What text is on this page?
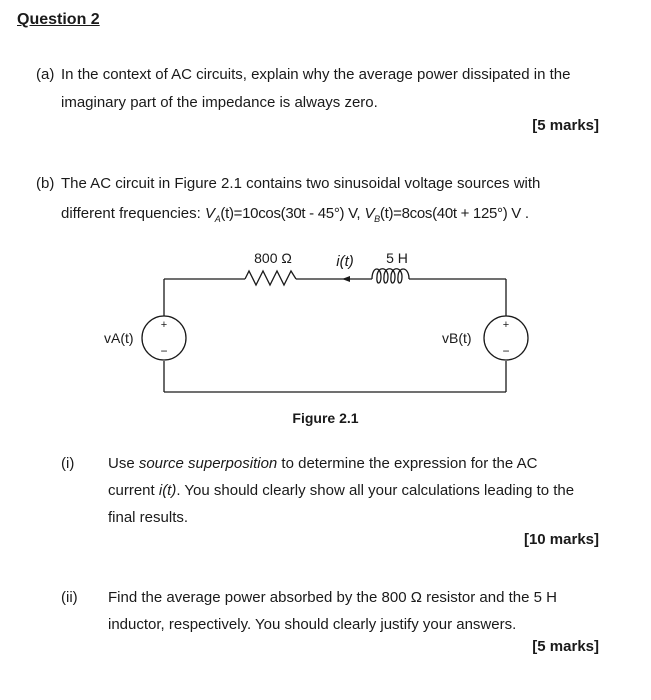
Question 2
(a) In the context of AC circuits, explain why the average power dissipated in the
imaginary part of the impedance is always zero.
[5 marks]
(b) The AC circuit in Figure 2.1 contains two sinusoidal voltage sources with
different frequencies: $V_A(t)=10\cos(30t - 45^\circ)$ V, $V_B(t)=8\cos(40t + 125^\circ)$ V .
800 Ω	i(t) 5 H
vA(t)	vB(t)
+
−
+
−
Figure 2.1
(i) Use source superposition to determine the expression for the AC
current i(t). You should clearly show all your calculations leading to the
final results.
[10 marks]
(ii) Find the average power absorbed by the 800 Ω resistor and the 5 H
inductor, respectively. You should clearly justify your answers.
[5 marks]
